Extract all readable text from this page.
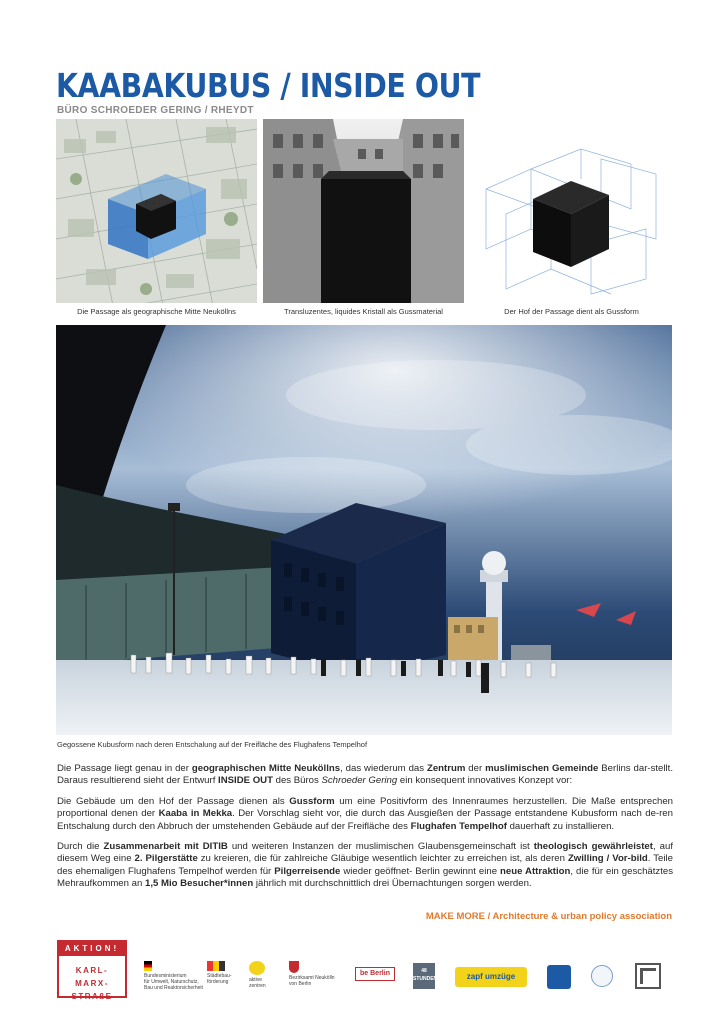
KAABAKUBUS / INSIDE OUT
BÜRO SCHROEDER GERING / RHEYDT
Die Passage als geographische Mitte Neuköllns	Transluzentes, liquides Kristall als Gussmaterial	Der Hof der Passage dient als Gussform
Gegossene Kubusform nach deren Entschalung auf der Freifläche des Flughafens Tempelhof

Die Passage liegt genau in der geographischen Mitte Neuköllns, das wiederum das Zentrum der muslimischen Gemeinde Berlins dar-stellt. Daraus resultierend sieht der Entwurf INSIDE OUT des Büros Schroeder Gering ein konsequent innovatives Konzept vor:

Die Gebäude um den Hof der Passage dienen als Gussform um eine Positivform des Innenraumes herzustellen. Die Maße entsprechen proportional denen der Kaaba in Mekka. Der Vorschlag sieht vor, die durch das Ausgießen der Passage entstandene Kubusform nach de-ren Entschalung durch den Abbruch der umstehenden Gebäude auf der Freifläche des Flughafen Tempelhof dauerhaft zu installieren.

Durch die Zusammenarbeit mit DITIB und weiteren Instanzen der muslimischen Glaubensgemeinschaft ist theologisch gewährleistet, auf diesem Weg eine 2. Pilgerstätte zu kreieren, die für zahlreiche Gläubige wesentlich leichter zu erreichen ist, als deren Zwilling / Vor-bild. Teile des ehemaligen Flughafens Tempelhof werden für Pilgerreisende wieder geöffnet- Berlin gewinnt eine neue Attraktion, die für ein geschätztes Mehraufkommen an 1,5 Mio Besucher*innen jährlich mit durchschnittlich drei Übernachtungen sorgen werden.

MAKE MORE / Architecture & urban policy association
AKTION!
KARL-MARX-
STRAßE
Bundesministerium
für Umwelt, Naturschutz,
Bau und Reaktorsicherheit
Städtebau-
förderung	aktive
zentren
Bezirksamt Neukölln
von Berlin
be Berlin	48 STUNDEN	zapf umzüge
